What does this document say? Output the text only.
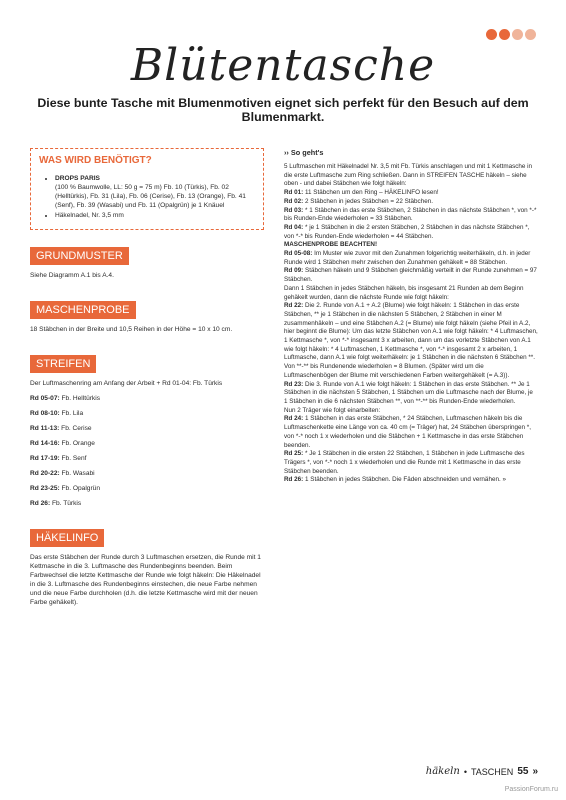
Blütentasche
Diese bunte Tasche mit Blumenmotiven eignet sich perfekt für den Besuch auf dem Blumenmarkt.
WAS WIRD BENÖTIGT?
• DROPS PARIS
(100 % Baumwolle, LL: 50 g = 75 m) Fb. 10 (Türkis), Fb. 02 (Helltürkis), Fb. 31 (Lila), Fb. 06 (Cerise), Fb. 13 (Orange), Fb. 41 (Senf), Fb. 39 (Wasabi) und Fb. 11 (Opalgrün) je 1 Knäuel
• Häkelnadel, Nr. 3,5 mm
GRUNDMUSTER

Siehe Diagramm A.1 bis A.4.

MASCHENPROBE

18 Stäbchen in der Breite und 10,5 Reihen in der Höhe = 10 x 10 cm.

STREIFEN

Der Luftmaschenring am Anfang der Arbeit + Rd 01-04: Fb. Türkis

Rd 05-07: Fb. Helltürkis

Rd 08-10: Fb. Lila

Rd 11-13: Fb. Cerise

Rd 14-16: Fb. Orange

Rd 17-19: Fb. Senf

Rd 20-22: Fb. Wasabi

Rd 23-25: Fb. Opalgrün

Rd 26: Fb. Türkis

HÄKELINFO

Das erste Stäbchen der Runde durch 3 Luftmaschen ersetzen, die Runde mit 1 Kettmasche in die 3. Luftmasche des Rundenbeginns beenden. Beim Farbwechsel die letzte Kettmasche der Runde wie folgt häkeln: Die Häkelnadel in die 3. Luftmasche des Rundenbeginns einstechen, die neue Farbe nehmen und die neue Farbe durchholen (d.h. die letzte Kettmasche wird mit der neuen Farbe gehäkelt).

›› So geht's

5 Luftmaschen mit Häkelnadel Nr. 3,5 mit Fb. Türkis anschlagen und mit 1 Kettmasche in die erste Luftmasche zum Ring schließen. Dann in STREIFEN TASCHE häkeln – siehe oben - und dabei Stäbchen wie folgt häkeln:

Rd 01: 11 Stäbchen um den Ring – HÄKELINFO lesen!

Rd 02: 2 Stäbchen in jedes Stäbchen = 22 Stäbchen.

Rd 03: * 1 Stäbchen in das erste Stäbchen, 2 Stäbchen in das nächste Stäbchen *, von *-* bis Runden-Ende wiederholen = 33 Stäbchen.

Rd 04: * je 1 Stäbchen in die 2 ersten Stäbchen, 2 Stäbchen in das nächste Stäbchen *, von *-* bis Runden-Ende wiederholen = 44 Stäbchen.

MASCHENPROBE BEACHTEN!

Rd 05-08: Im Muster wie zuvor mit den Zunahmen folgerichtig weiterhäkeln, d.h. in jeder Runde wird 1 Stäbchen mehr zwischen den Zunahmen gehäkelt = 88 Stäbchen.

Rd 09: Stäbchen häkeln und 9 Stäbchen gleichmäßig verteilt in der Runde zunehmen = 97 Stäbchen.

Dann 1 Stäbchen in jedes Stäbchen häkeln, bis insgesamt 21 Runden ab dem Beginn gehäkelt wurden, dann die nächste Runde wie folgt häkeln:

Rd 22: Die 2. Runde von A.1 + A.2 (Blume) wie folgt häkeln: 1 Stäbchen in das erste Stäbchen, ** je 1 Stäbchen in die nächsten 5 Stäbchen, 2 Stäbchen in einer M zusammenhäkeln – und eine Stäbchen A.2 (= Blume) wie folgt häkeln (siehe Pfeil in A.2, hier beginnt die Blume): Um das letzte Stäbchen von A.1 wie folgt häkeln: * 4 Luftmaschen, 1 Kettmasche *, von *-* insgesamt 3 x arbeiten, dann um das vorletzte Stäbchen von A.1 wie folgt häkeln: * 4 Luftmaschen, 1 Kettmasche *, von *-* insgesamt 2 x arbeiten, 1 Luftmasche, dann A.1 wie folgt weiterhäkeln: je 1 Stäbchen in die nächsten 6 Stäbchen **. Von **-** bis Rundenende wiederholen = 8 Blumen. (Später wird um die Luftmaschenbögen der Blume mit verschiedenen Farben weitergehäkelt (= A.3)).

Rd 23: Die 3. Runde von A.1 wie folgt häkeln: 1 Stäbchen in das erste Stäbchen. ** Je 1 Stäbchen in die nächsten 5 Stäbchen, 1 Stäbchen um die Luftmasche nach der Blume, je 1 Stäbchen in die 6 nächsten Stäbchen **, von **-** bis Runden-Ende wiederholen.

Nun 2 Träger wie folgt einarbeiten:

Rd 24: 1 Stäbchen in das erste Stäbchen, * 24 Stäbchen, Luftmaschen häkeln bis die Luftmaschenkette eine Länge von ca. 40 cm (= Träger) hat, 24 Stäbchen überspringen *, von *-* noch 1 x wiederholen und die Stäbchen + 1 Kettmasche in das erste Stäbchen beenden.

Rd 25: * Je 1 Stäbchen in die ersten 22 Stäbchen, 1 Stäbchen in jede Luftmasche des Trägers *, von *-* noch 1 x wiederholen und die Runde mit 1 Kettmasche in das erste Stäbchen beenden.

Rd 26: 1 Stäbchen in jedes Stäbchen. Die Fäden abschneiden und vernähen. »

häkeln • TASCHEN 55 »
PassionForum.ru
